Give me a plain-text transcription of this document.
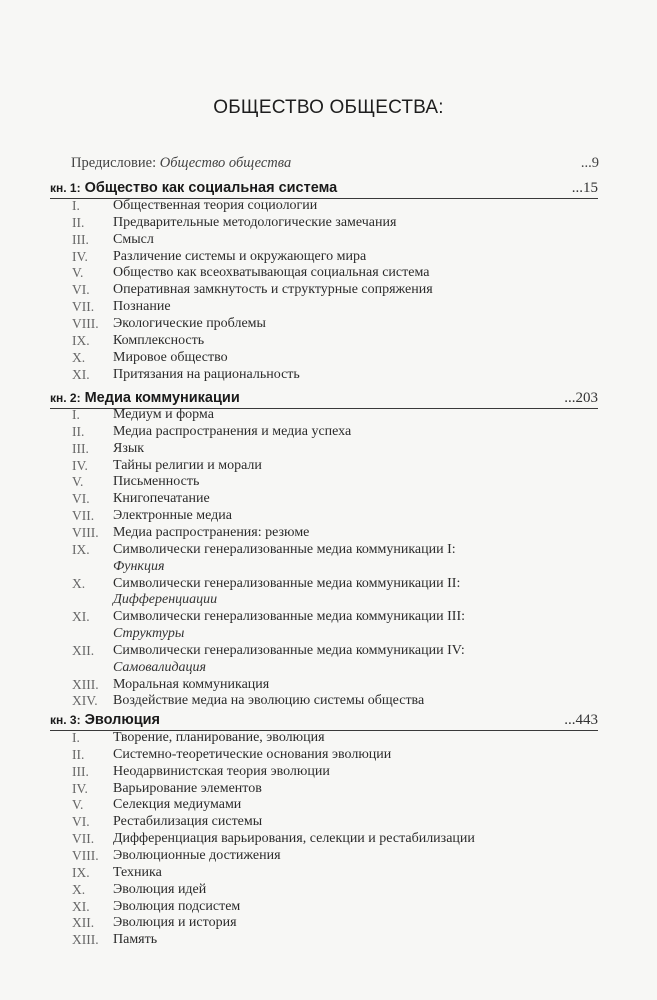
ОБЩЕСТВО ОБЩЕСТВА:
Предисловие: Общество общества	...9
кн. 1: Общество как социальная система	...15
I.	Общественная теория социологии
II.	Предварительные методологические замечания
III.	Смысл
IV.	Различение системы и окружающего мира
V.	Общество как всеохватывающая социальная система
VI.	Оперативная замкнутость и структурные сопряжения
VII.	Познание
VIII.	Экологические проблемы
IX.	Комплексность
X.	Мировое общество
XI.	Притязания на рациональность
кн. 2: Медиа коммуникации	...203
I.	Медиум и форма
II.	Медиа распространения и медиа успеха
III.	Язык
IV.	Тайны религии и морали
V.	Письменность
VI.	Книгопечатание
VII.	Электронные медиа
VIII.	Медиа распространения: резюме
IX.	Символически генерализованные медиа коммуникации I:
Функция
X.	Символически генерализованные медиа коммуникации II:
Дифференциации
XI.	Символически генерализованные медиа коммуникации III:
Структуры
XII.	Символически генерализованные медиа коммуникации IV:
Самовалидация
XIII.	Моральная коммуникация
XIV.	Воздействие медиа на эволюцию системы общества
кн. 3: Эволюция	...443
I.	Творение, планирование, эволюция
II.	Системно-теоретические основания эволюции
III.	Неодарвинистская теория эволюции
IV.	Варьирование элементов
V.	Селекция медиумами
VI.	Рестабилизация системы
VII.	Дифференциация варьирования, селекции и рестабилизации
VIII.	Эволюционные достижения
IX.	Техника
X.	Эволюция идей
XI.	Эволюция подсистем
XII.	Эволюция и история
XIII.	Память
